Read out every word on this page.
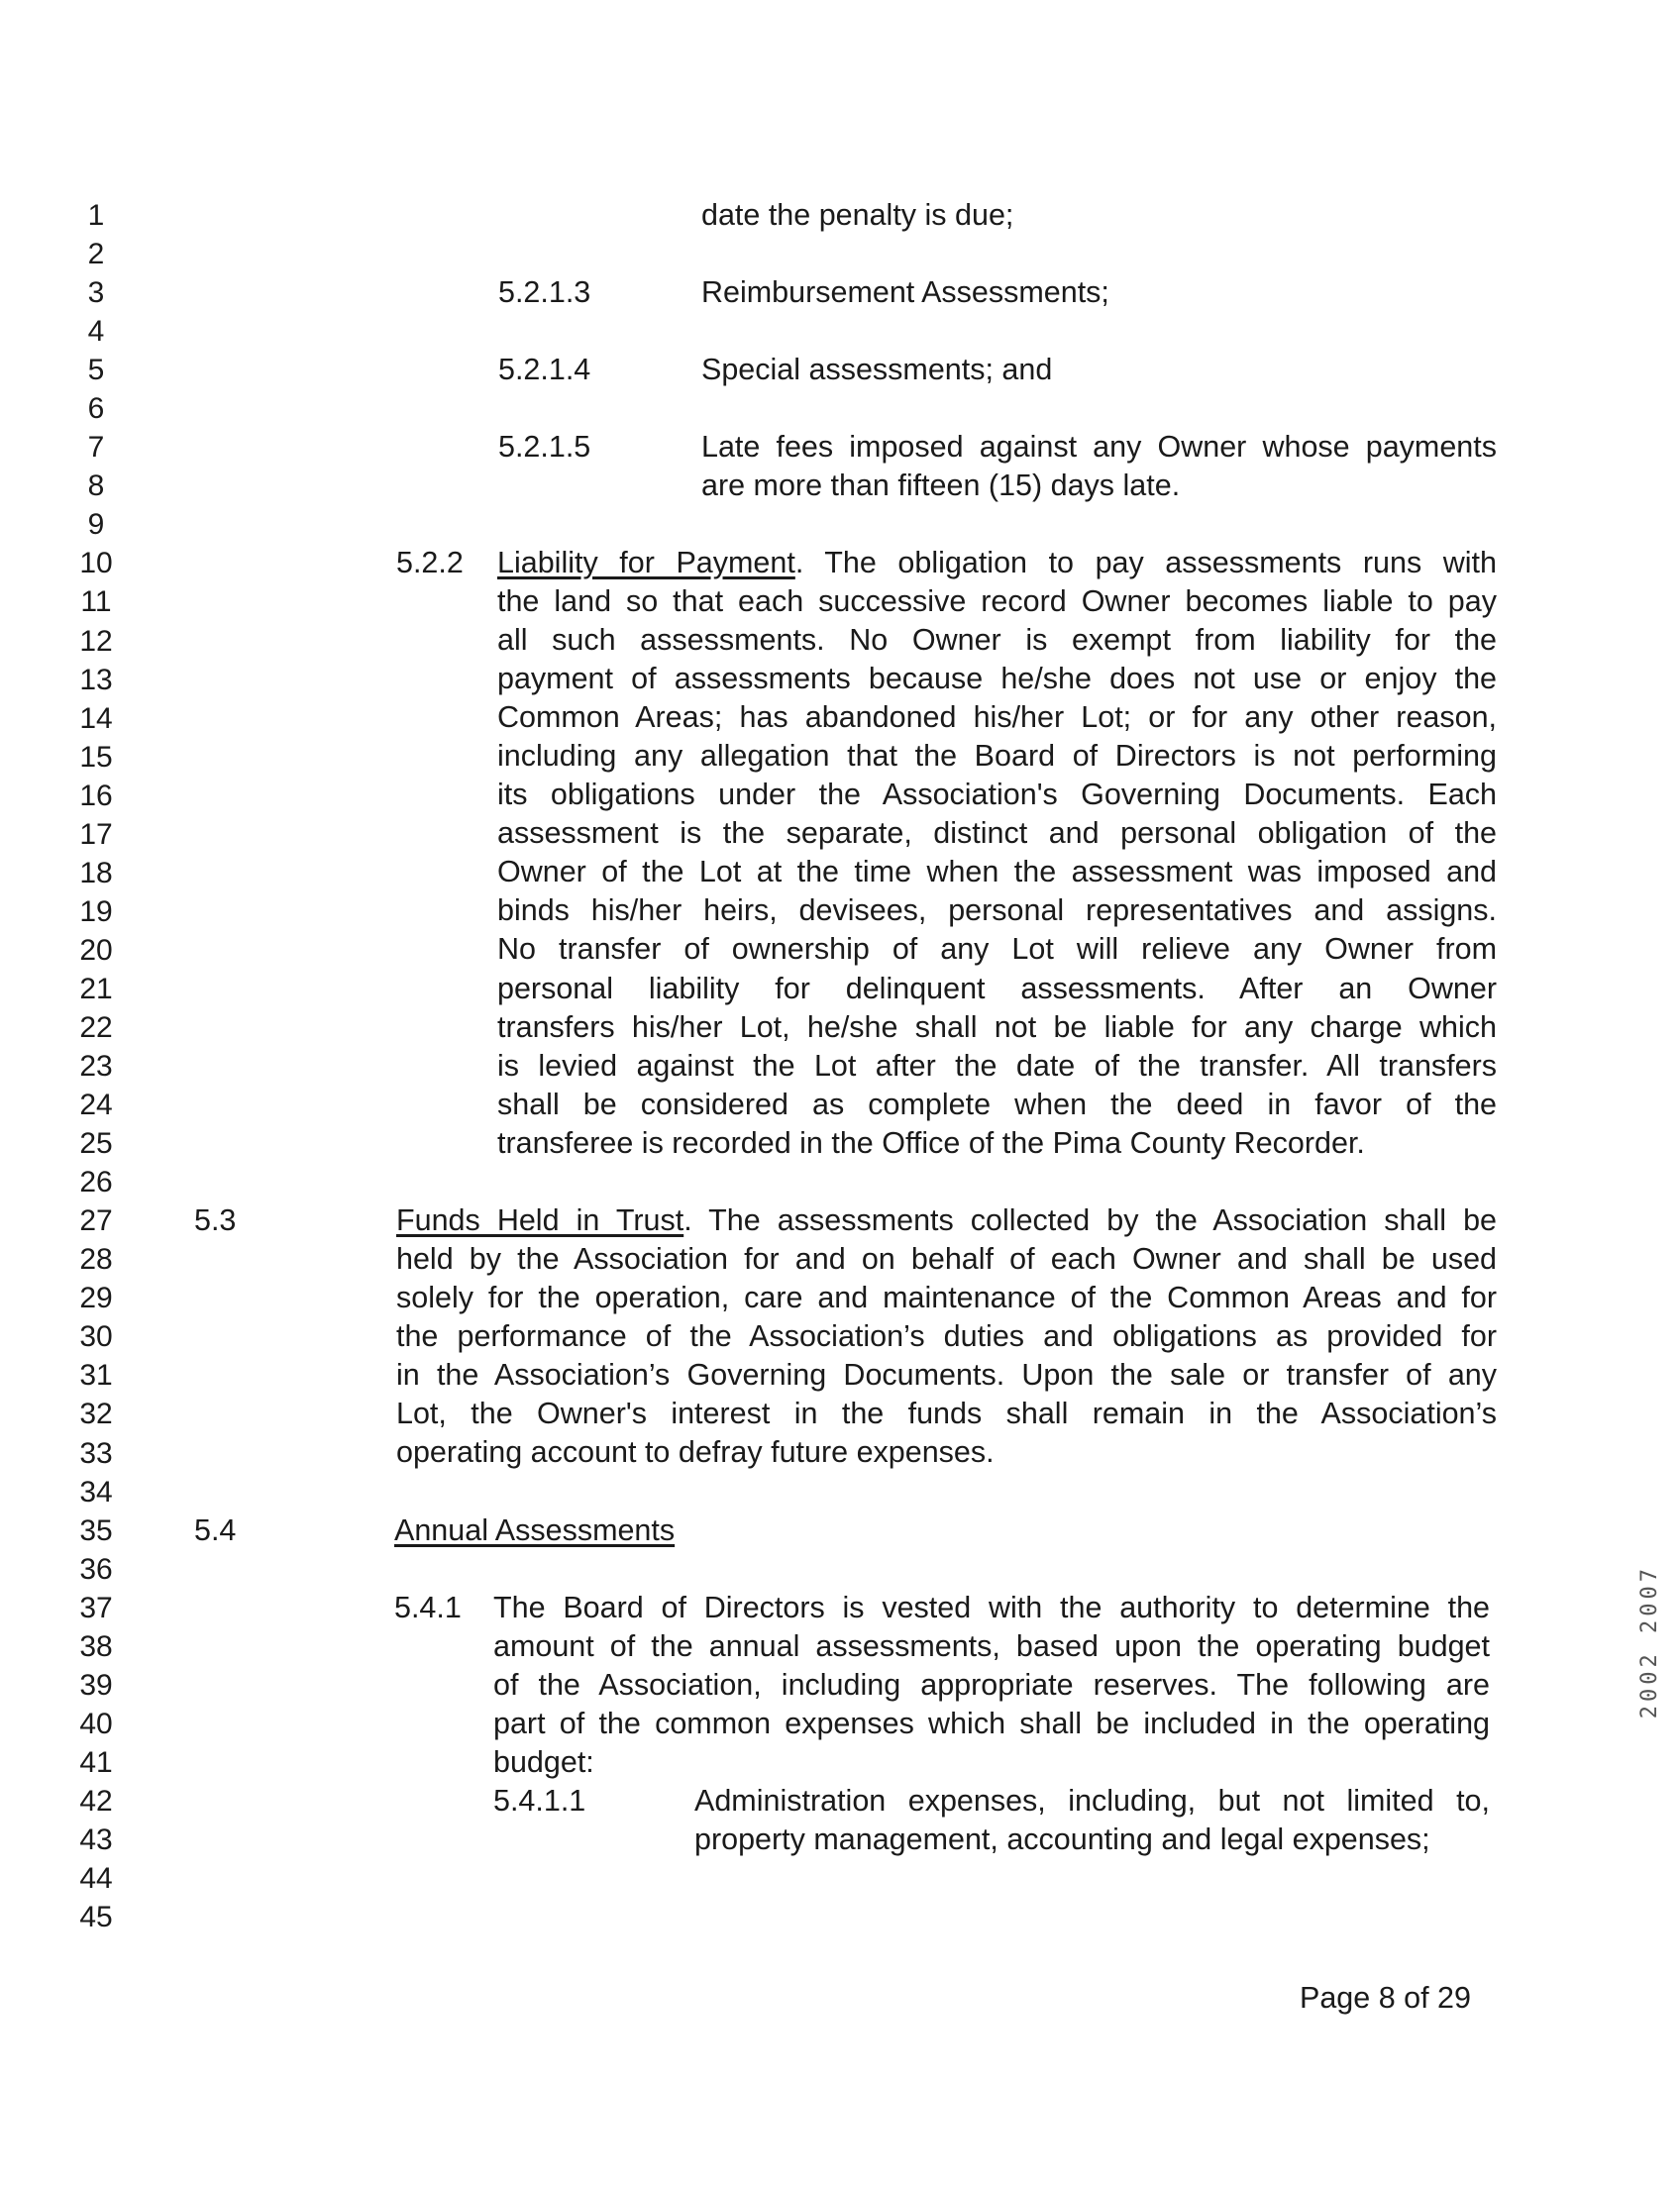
1
2
3
4
5
6
7
8
9
10
11
12
13
14
15
16
17
18
19
20
21
22
23
24
25
26
27
28
29
30
31
32
33
34
35
36
37
38
39
40
41
42
43
44
45
date the penalty is due;
5.2.1.3	Reimbursement Assessments;
5.2.1.4	Special assessments; and
5.2.1.5	Late fees imposed against any Owner whose payments
are more than fifteen (15) days late.
5.2.2 Liability for Payment. The obligation to pay assessments runs with
the land so that each successive record Owner becomes liable to pay
all such assessments. No Owner is exempt from liability for the
payment of assessments because he/she does not use or enjoy the
Common Areas; has abandoned his/her Lot; or for any other reason,
including any allegation that the Board of Directors is not performing
its obligations under the Association's Governing Documents. Each
assessment is the separate, distinct and personal obligation of the
Owner of the Lot at the time when the assessment was imposed and
binds his/her heirs, devisees, personal representatives and assigns.
No transfer of ownership of any Lot will relieve any Owner from
personal liability for delinquent assessments. After an Owner
transfers his/her Lot, he/she shall not be liable for any charge which
is levied against the Lot after the date of the transfer. All transfers
shall be considered as complete when the deed in favor of the
transferee is recorded in the Office of the Pima County Recorder.
5.3	Funds Held in Trust. The assessments collected by the Association shall be
held by the Association for and on behalf of each Owner and shall be used
solely for the operation, care and maintenance of the Common Areas and for
the performance of the Association’s duties and obligations as provided for
in the Association’s Governing Documents. Upon the sale or transfer of any
Lot, the Owner's interest in the funds shall remain in the Association’s
operating account to defray future expenses.
5.4	Annual Assessments
5.4.1 The Board of Directors is vested with the authority to determine the
amount of the annual assessments, based upon the operating budget
of the Association, including appropriate reserves. The following are
part of the common expenses which shall be included in the operating
budget:
5.4.1.1	Administration expenses, including, but not limited to,
property management, accounting and legal expenses;
2002 2007
Page 8 of 29
